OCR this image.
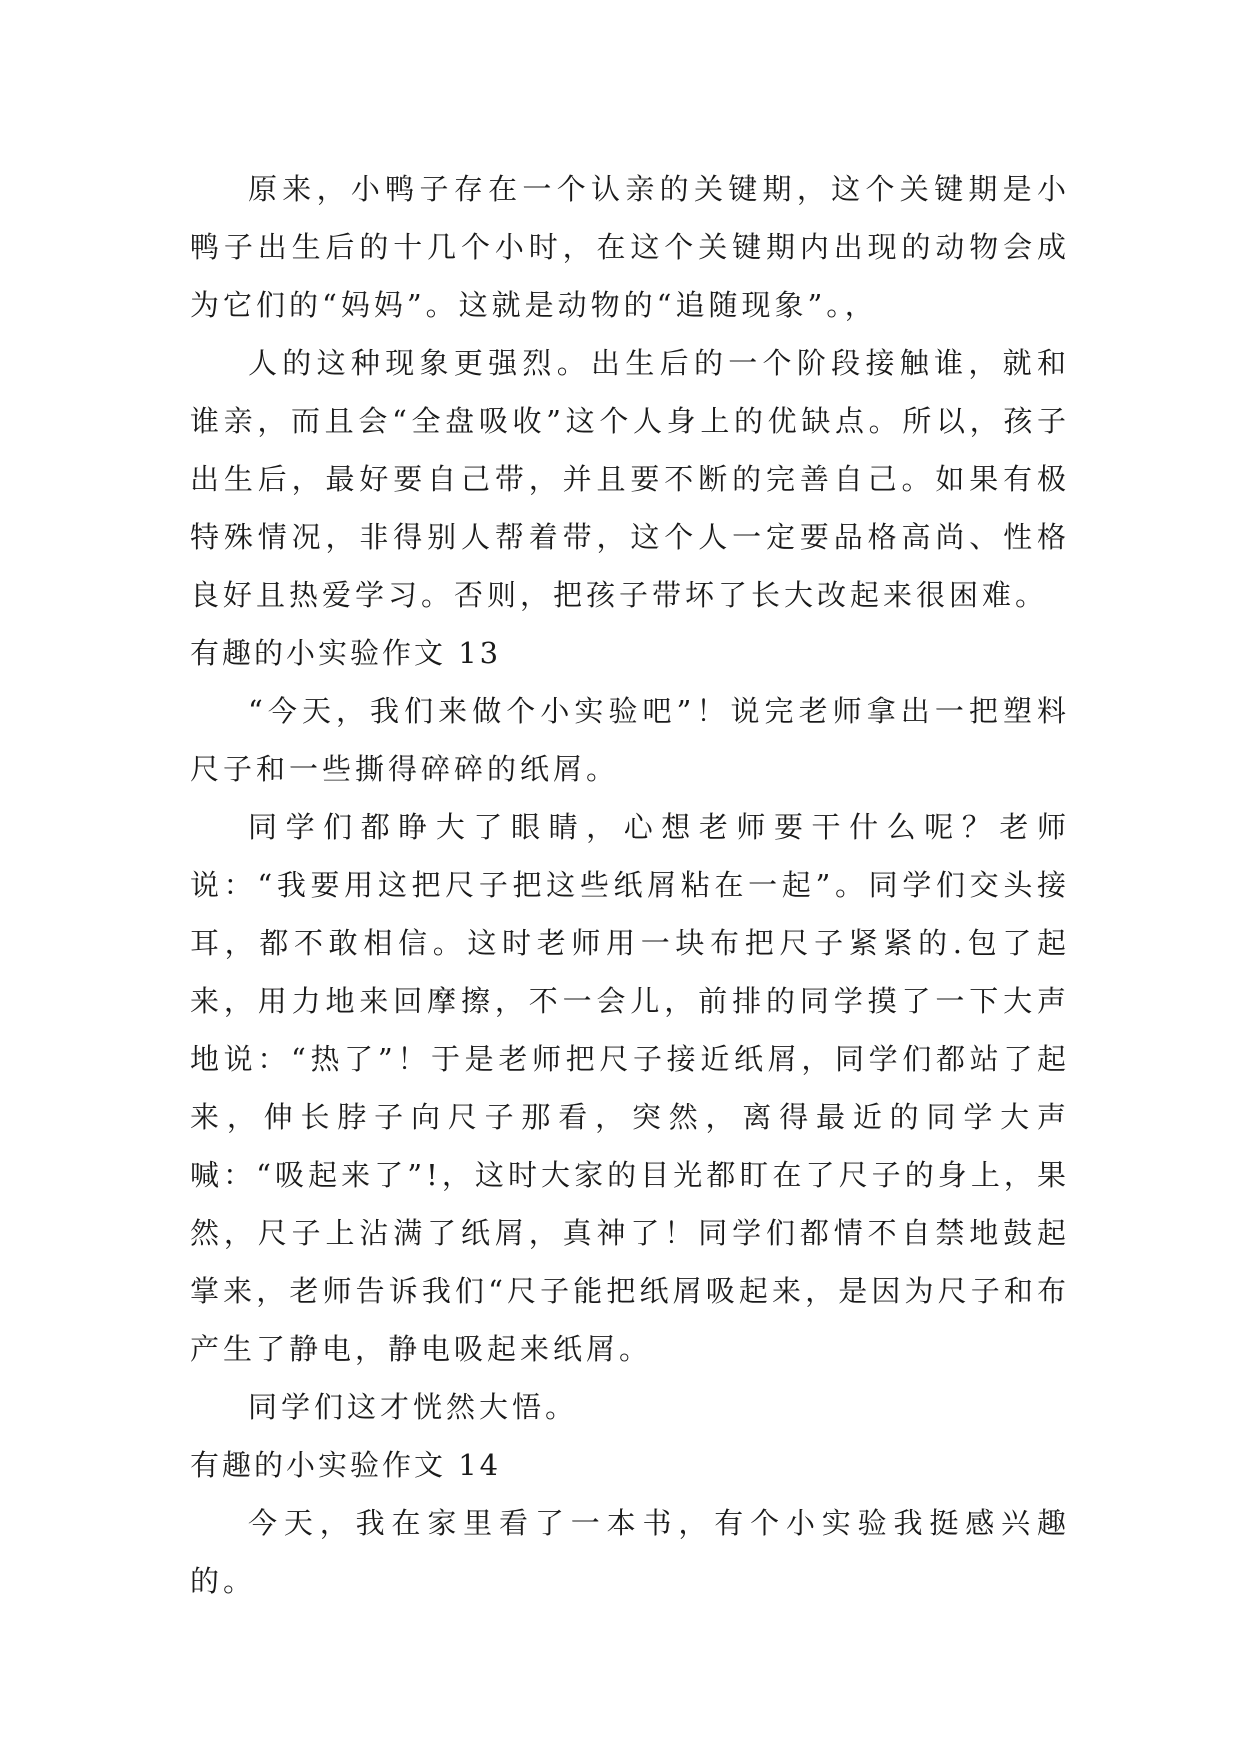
原来，小鸭子存在一个认亲的关键期，这个关键期是小鸭子出生后的十几个小时，在这个关键期内出现的动物会成为它们的“妈妈”。这就是动物的“追随现象”。，

人的这种现象更强烈。出生后的一个阶段接触谁，就和谁亲，而且会“全盘吸收”这个人身上的优缺点。所以，孩子出生后，最好要自己带，并且要不断的完善自己。如果有极特殊情况，非得别人帮着带，这个人一定要品格高尚、性格良好且热爱学习。否则，把孩子带坏了长大改起来很困难。

有趣的小实验作文 13

“今天，我们来做个小实验吧”！说完老师拿出一把塑料尺子和一些撕得碎碎的纸屑。

同学们都睁大了眼睛，心想老师要干什么呢？老师说：“我要用这把尺子把这些纸屑粘在一起”。同学们交头接耳，都不敢相信。这时老师用一块布把尺子紧紧的.包了起来，用力地来回摩擦，不一会儿，前排的同学摸了一下大声地说：“热了”！于是老师把尺子接近纸屑，同学们都站了起来，伸长脖子向尺子那看，突然，离得最近的同学大声喊：“吸起来了”!，这时大家的目光都盯在了尺子的身上，果然，尺子上沾满了纸屑，真神了！同学们都情不自禁地鼓起掌来，老师告诉我们“尺子能把纸屑吸起来，是因为尺子和布产生了静电，静电吸起来纸屑。

同学们这才恍然大悟。

有趣的小实验作文 14

今天，我在家里看了一本书，有个小实验我挺感兴趣的。
